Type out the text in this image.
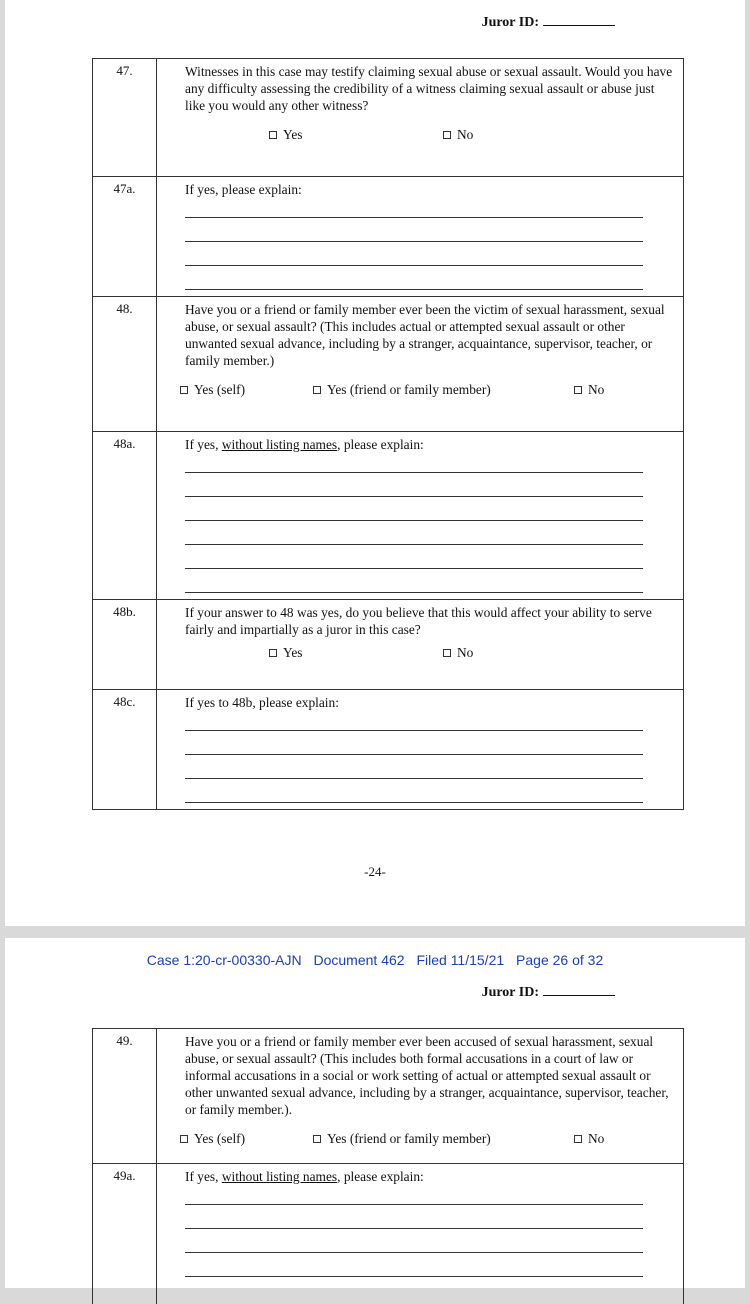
Juror ID:
47.	Witnesses in this case may testify claiming sexual abuse or sexual assault. Would you have any difficulty assessing the credibility of a witness claiming sexual assault or abuse just like you would any other witness?
Yes	No
47a.	If yes, please explain:
48.	Have you or a friend or family member ever been the victim of sexual harassment, sexual abuse, or sexual assault? (This includes actual or attempted sexual assault or other unwanted sexual advance, including by a stranger, acquaintance, supervisor, teacher, or family member.)
Yes (self)	Yes (friend or family member)	No
48a.	If yes, without listing names, please explain:
48b.	If your answer to 48 was yes, do you believe that this would affect your ability to serve fairly and impartially as a juror in this case?
Yes	No
48c.	If yes to 48b, please explain:
-24-
Case 1:20-cr-00330-AJN Document 462 Filed 11/15/21 Page 26 of 32
Juror ID:
49.	Have you or a friend or family member ever been accused of sexual harassment, sexual abuse, or sexual assault? (This includes both formal accusations in a court of law or informal accusations in a social or work setting of actual or attempted sexual assault or other unwanted sexual advance, including by a stranger, acquaintance, supervisor, teacher, or family member.).
Yes (self)	Yes (friend or family member)	No
49a.	If yes, without listing names, please explain:
